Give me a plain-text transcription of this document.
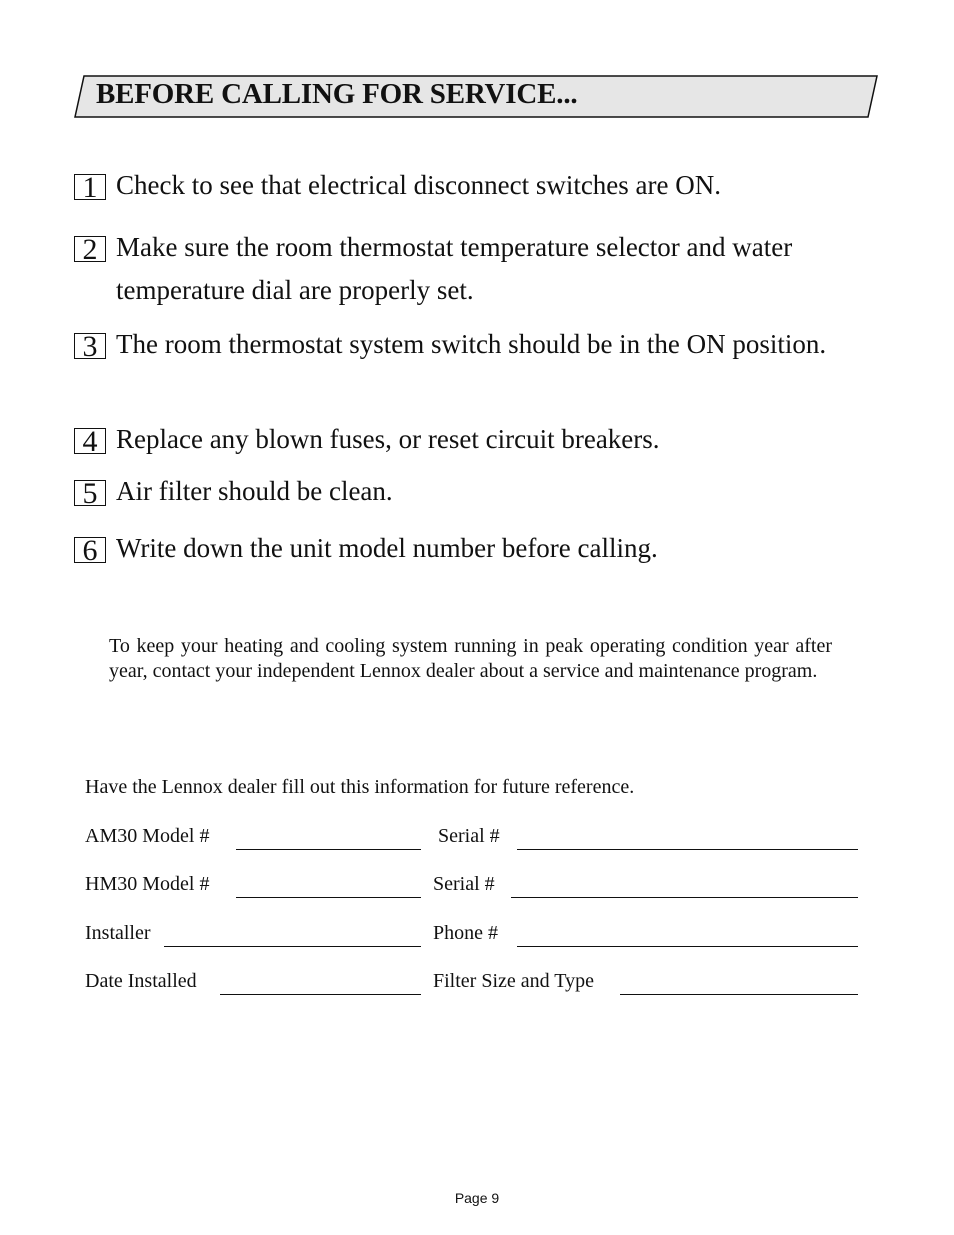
BEFORE CALLING FOR SERVICE...
1 Check to see that electrical disconnect switches are ON.
2 Make sure the room thermostat temperature selector and water temperature dial are properly set.
3 The room thermostat system switch should be in the ON position.
4 Replace any blown fuses, or reset circuit breakers.
5 Air filter should be clean.
6 Write down the unit model number before calling.
To keep your heating and cooling system running in peak operating condition year after year, contact your independent Lennox dealer about a service and maintenance program.
Have the Lennox dealer fill out this information for future reference.
AM30 Model #	Serial #
HM30 Model #	Serial #
Installer	Phone #
Date Installed	Filter Size and Type
Page 9
